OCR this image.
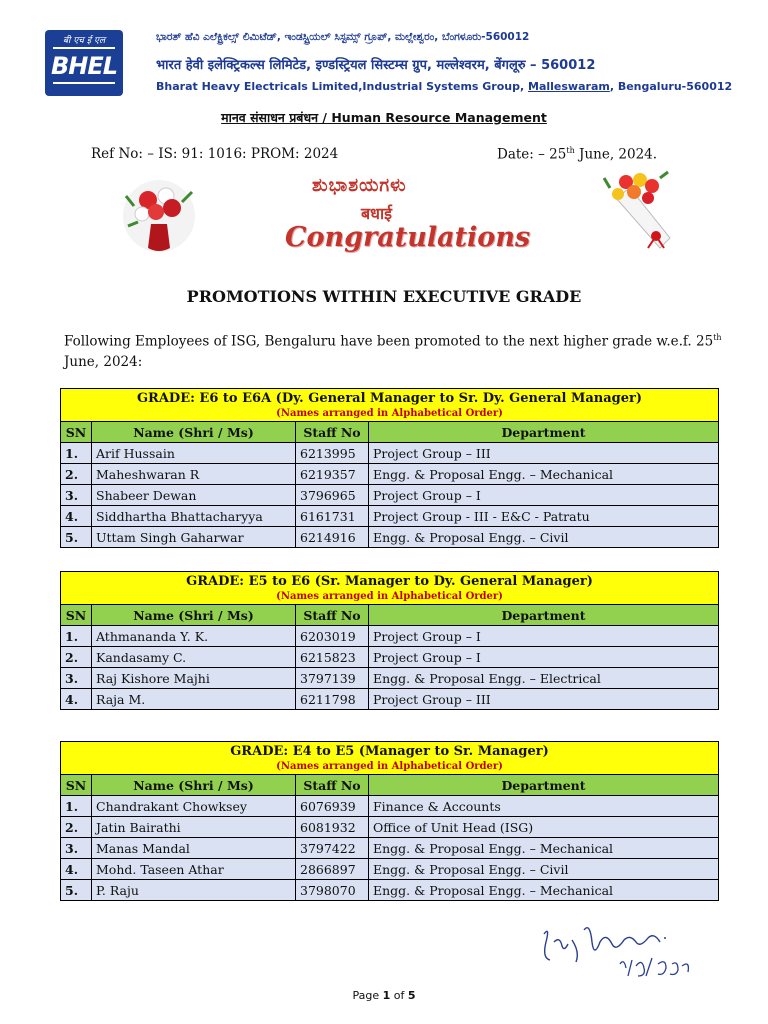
बी एच ई एल
BHEL
ಭಾರತ್ ಹೆವಿ ಎಲೆಕ್ಟ್ರಿಕಲ್ಸ್ ಲಿಮಿಟೆಡ್, ಇಂಡಸ್ಟ್ರಿಯಲ್ ಸಿಸ್ಟಮ್ಸ್ ಗ್ರೂಪ್, ಮಲ್ಲೇಶ್ವರಂ, ಬೆಂಗಳೂರು-560012
भारत हेवी इलेक्ट्रिकल्स लिमिटेड, इण्डस्ट्रियल सिस्टम्स ग्रुप, मल्लेश्वरम, बेंगलूरु – 560012
Bharat Heavy Electricals Limited,Industrial Systems Group, Malleswaram, Bengaluru-560012
मानव संसाधन प्रबंधन / Human Resource Management
Ref No: – IS: 91: 1016: PROM: 2024	Date: – 25th June, 2024.
ಶುಭಾಶಯಗಳು
बधाई
Congratulations
PROMOTIONS WITHIN EXECUTIVE GRADE
Following Employees of ISG, Bengaluru have been promoted to the next higher grade w.e.f. 25th June, 2024:
GRADE: E6 to E6A (Dy. General Manager to Sr. Dy. General Manager)
(Names arranged in Alphabetical Order)			

SN	Name (Shri / Ms)	Staff No	Department
1.	Arif Hussain	6213995	Project Group – III
2.	Maheshwaran R	6219357	Engg. & Proposal Engg. – Mechanical
3.	Shabeer Dewan	3796965	Project Group – I
4.	Siddhartha Bhattacharyya	6161731	Project Group - III - E&C - Patratu
5.	Uttam Singh Gaharwar	6214916	Engg. & Proposal Engg. – Civil
GRADE: E5 to E6 (Sr. Manager to Dy. General Manager)
(Names arranged in Alphabetical Order)			

SN	Name (Shri / Ms)	Staff No	Department
1.	Athmananda Y. K.	6203019	Project Group – I
2.	Kandasamy C.	6215823	Project Group – I
3.	Raj Kishore Majhi	3797139	Engg. & Proposal Engg. – Electrical
4.	Raja M.	6211798	Project Group – III
GRADE: E4 to E5 (Manager to Sr. Manager)
(Names arranged in Alphabetical Order)			

SN	Name (Shri / Ms)	Staff No	Department
1.	Chandrakant Chowksey	6076939	Finance & Accounts
2.	Jatin Bairathi	6081932	Office of Unit Head (ISG)
3.	Manas Mandal	3797422	Engg. & Proposal Engg. – Mechanical
4.	Mohd. Taseen Athar	2866897	Engg. & Proposal Engg. – Civil
5.	P. Raju	3798070	Engg. & Proposal Engg. – Mechanical
Page 1 of 5
